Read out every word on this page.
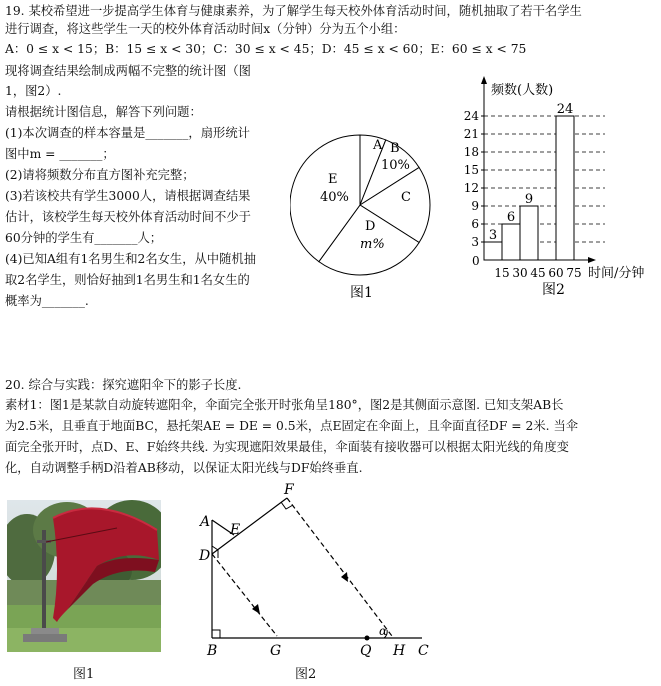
19. 某校希望进一步提高学生体育与健康素养，为了解学生每天校外体育活动时间，随机抽取了若干名学生
进行调查，将这些学生一天的校外体育活动时间x（分钟）分为五个小组：
A：0 ≤ x < 15；B：15 ≤ x < 30；C：30 ≤ x < 45；D：45 ≤ x < 60；E：60 ≤ x < 75
现将调查结果绘制成两幅不完整的统计图（图
1，图2）.
请根据统计图信息，解答下列问题：
(1)本次调查的样本容量是_______，扇形统计
图中m = _______；
(2)请将频数分布直方图补充完整；
(3)若该校共有学生3000人，请根据调查结果
估计，该校学生每天校外体育活动时间不少于
60分钟的学生有_______人；
(4)已知A组有1名男生和2名女生，从中随机抽
取2名学生，则恰好抽到1名男生和1名女生的
概率为_______.
A B
10%
C
D
m%
E
40%
图1
3
6
9
24
3
6
9
12
15
18
21
24
15 30 45 60 75
频数(人数)
时间/分钟
0
图2
20. 综合与实践：探究遮阳伞下的影子长度.
素材1：图1是某款自动旋转遮阳伞，伞面完全张开时张角呈180°，图2是其侧面示意图. 已知支架AB长
为2.5米，且垂直于地面BC，悬托架AE = DE = 0.5米，点E固定在伞面上，且伞面直径DF = 2米. 当伞
面完全张开时，点D、E、F始终共线. 为实现遮阳效果最佳，伞面装有接收器可以根据太阳光线的角度变
化，自动调整手柄D沿着AB移动，以保证太阳光线与DF始终垂直.
图1
A E
D
F
B	G	Q H C
α
图2
